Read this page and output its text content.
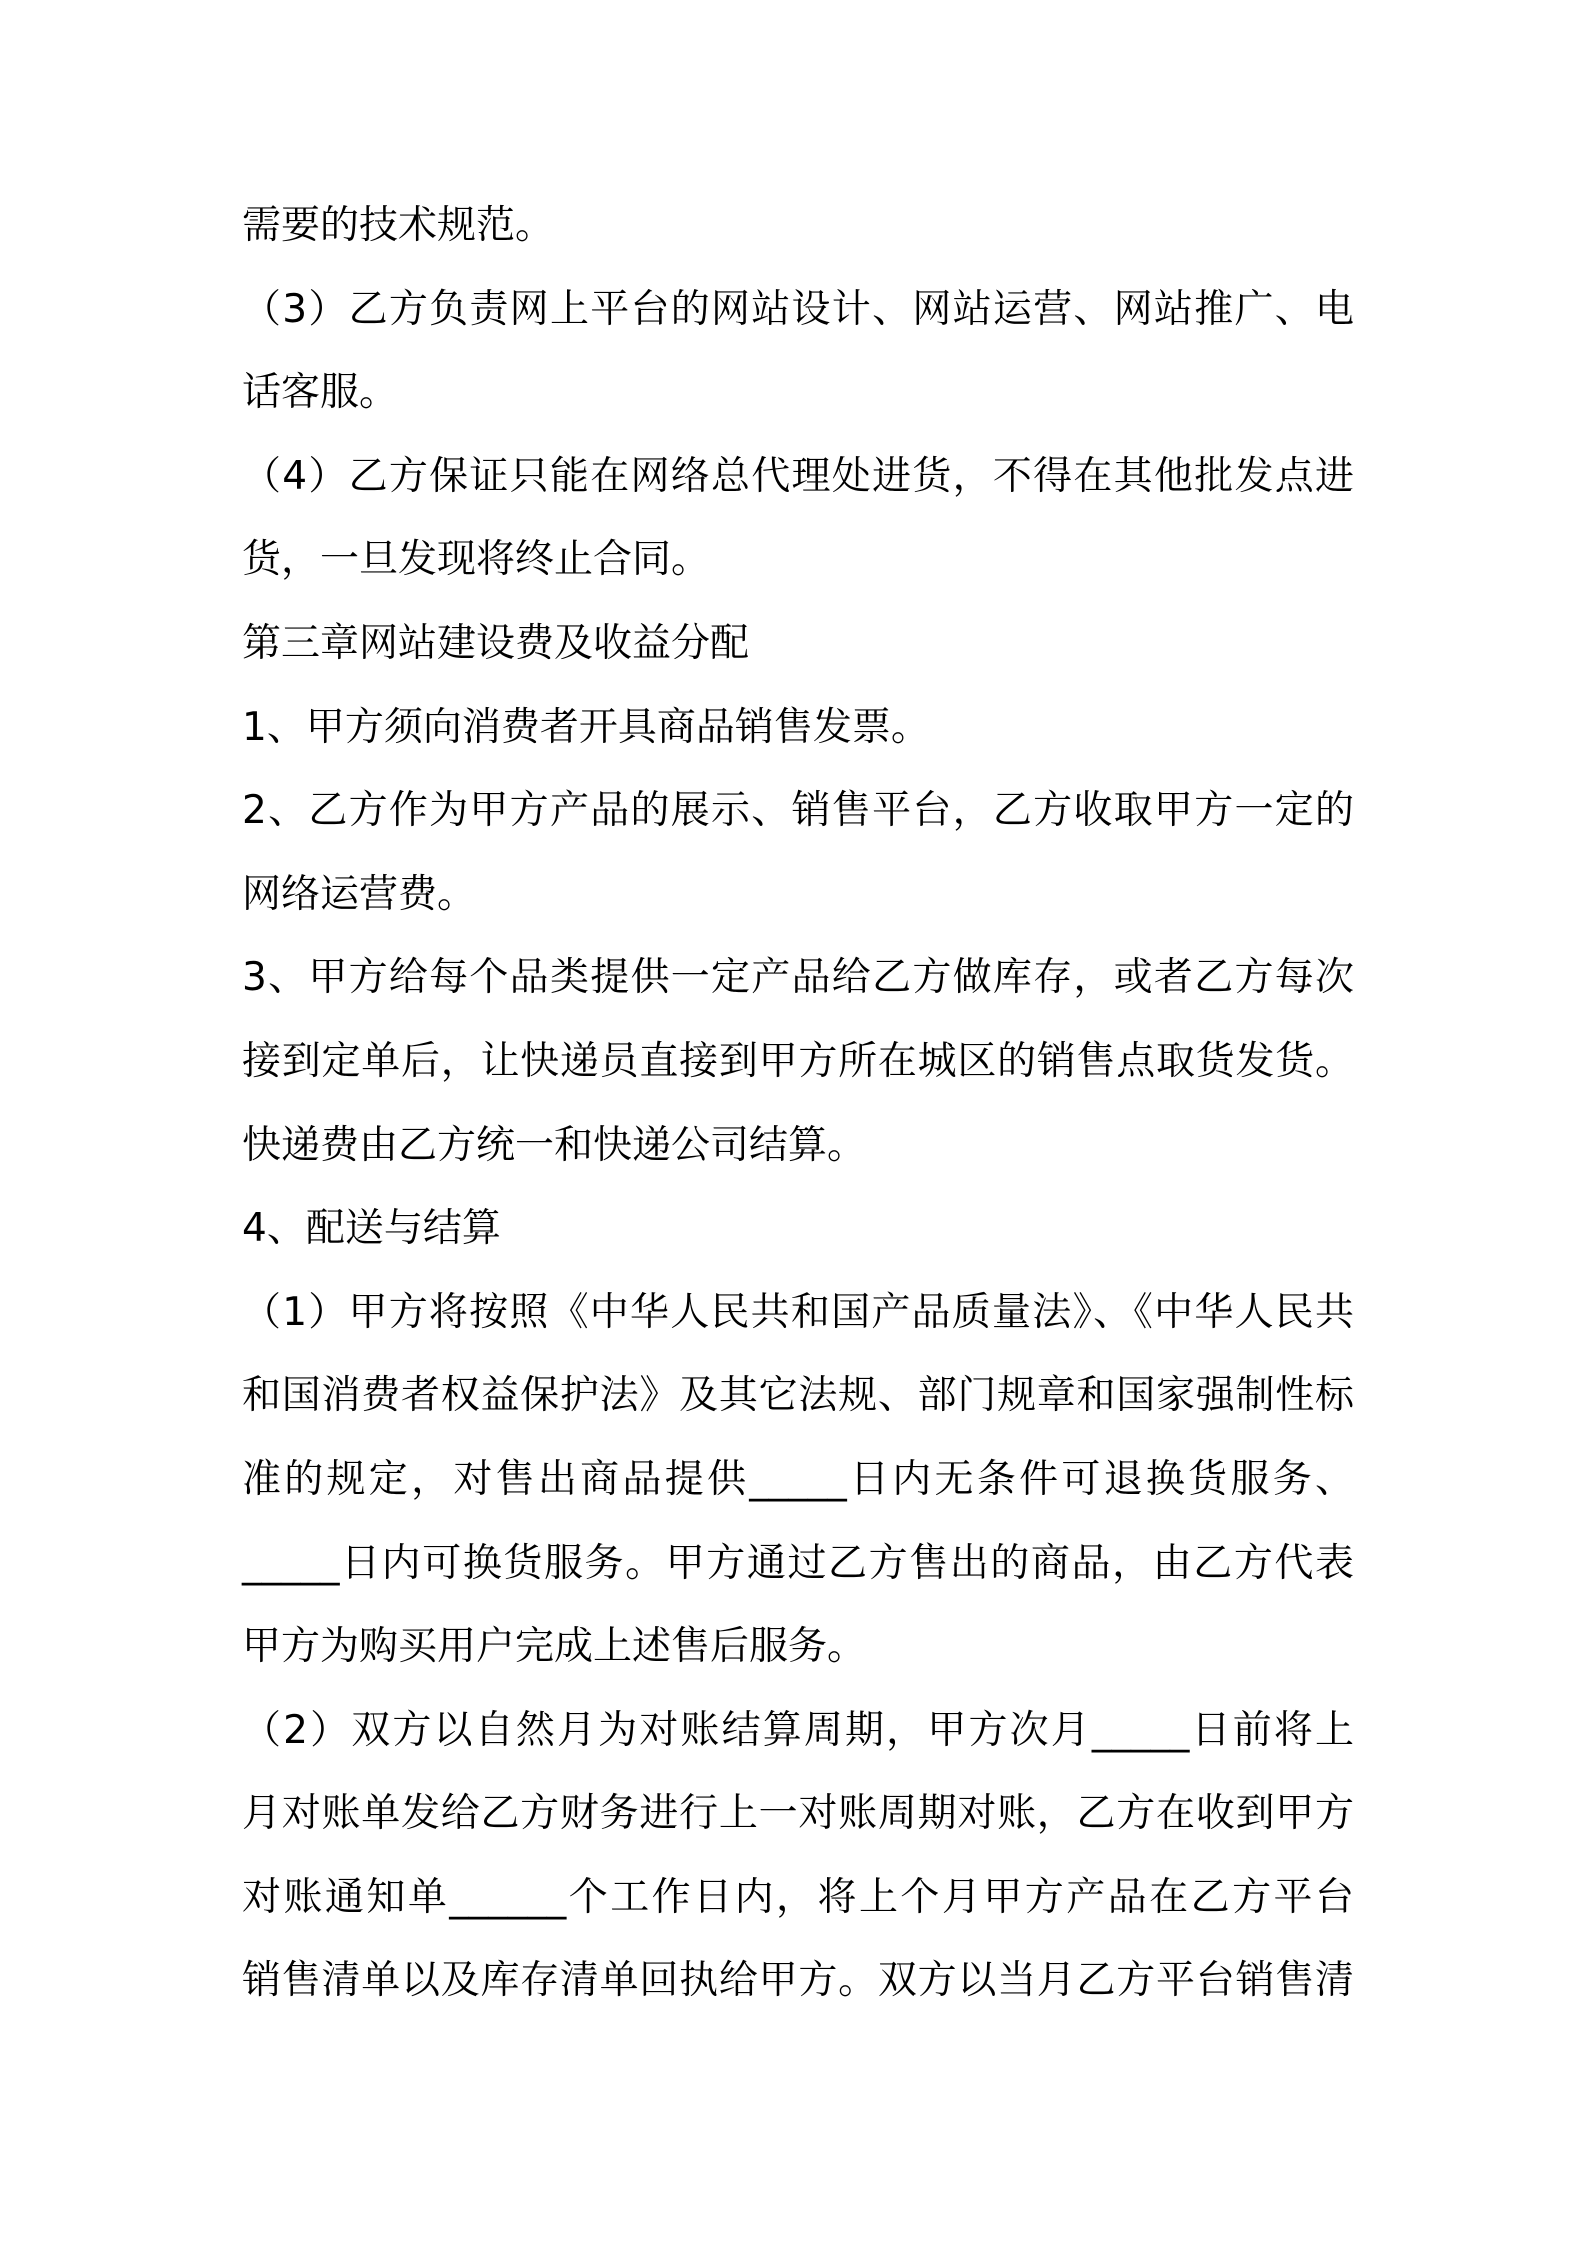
需要的技术规范。
（3）乙方负责网上平台的网站设计、网站运营、网站推广、电
话客服。
（4）乙方保证只能在网络总代理处进货，不得在其他批发点进
货，一旦发现将终止合同。
第三章网站建设费及收益分配
1、甲方须向消费者开具商品销售发票。
2、乙方作为甲方产品的展示、销售平台，乙方收取甲方一定的
网络运营费。
3、甲方给每个品类提供一定产品给乙方做库存，或者乙方每次
接到定单后，让快递员直接到甲方所在城区的销售点取货发货。
快递费由乙方统一和快递公司结算。
4、配送与结算
（1）甲方将按照《中华人民共和国产品质量法》、《中华人民共
和国消费者权益保护法》及其它法规、部门规章和国家强制性标
准的规定，对售出商品提供_____日内无条件可退换货服务、
_____日内可换货服务。甲方通过乙方售出的商品，由乙方代表
甲方为购买用户完成上述售后服务。
（2）双方以自然月为对账结算周期，甲方次月_____日前将上
月对账单发给乙方财务进行上一对账周期对账，乙方在收到甲方
对账通知单______个工作日内，将上个月甲方产品在乙方平台
销售清单以及库存清单回执给甲方。双方以当月乙方平台销售清
